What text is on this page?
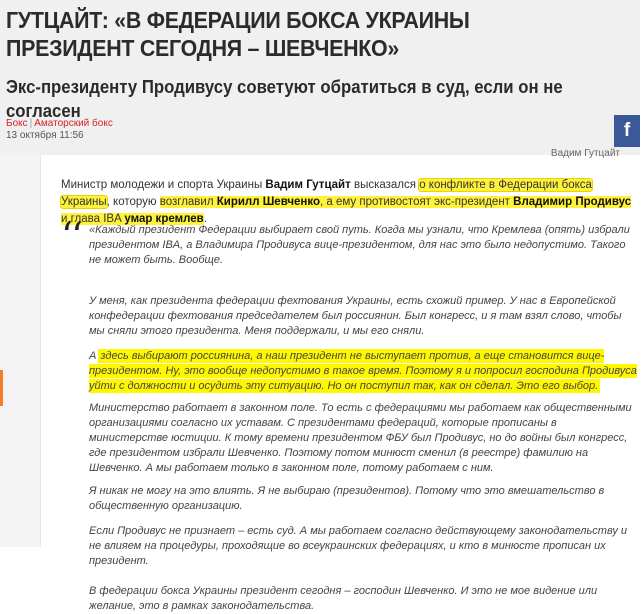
ГУТЦАЙТ: «В ФЕДЕРАЦИИ БОКСА УКРАИНЫ ПРЕЗИДЕНТ СЕГОДНЯ – ШЕВЧЕНКО»
Экс-президенту Продивусу советуют обратиться в суд, если он не согласен
Бокс | Аматорский бокс
13 октября 11:56	f
Вадим Гутцайт
Министр молодежи и спорта Украины Вадим Гутцайт высказался о конфликте в Федерации бокса Украины, которую возглавил Кирилл Шевченко, а ему противостоят экс-президент Владимир Продивус и глава IBA умар кремлев.
‘‘ «Каждый президент Федерации выбирает свой путь. Когда мы узнали, что Кремлева (опять) избрали президентом IBA, а Владимира Продивуса вице-президентом, для нас это было недопустимо. Такого не может быть. Вообще.

У меня, как президента федерации фехтования Украины, есть схожий пример. У нас в Европейской конфедерации фехтования председателем был россиянин. Был конгресс, и я там взял слово, чтобы мы сняли этого президента. Меня поддержали, и мы его сняли.

А здесь выбирают россиянина, а наш президент не выступает против, а еще становится вице-президентом. Ну, это вообще недопустимо в такое время. Поэтому я и попросил господина Продивуса уйти с должности и осудить эту ситуацию. Но он поступил так, как он сделал. Это его выбор.

Министерство работает в законном поле. То есть с федерациями мы работаем как общественными организациями согласно их уставам. С президентами федераций, которые прописаны в министерстве юстиции. К тому времени президентом ФБУ был Продивус, но до войны был конгресс, где президентом избрали Шевченко. Поэтому потом минюст сменил (в реестре) фамилию на Шевченко. А мы работаем только в законном поле, потому работаем с ним.

Я никак не могу на это влиять. Я не выбираю (президентов). Потому что это вмешательство в общественную организацию.

Если Продивус не признает – есть суд. А мы работаем согласно действующему законодательству и не влияем на процедуры, проходящие во всеукраинских федерациях, и кто в минюсте прописан их президент.

В федерации бокса Украины президент сегодня – господин Шевченко. И это не мое видение или желание, это в рамках законодательства.
